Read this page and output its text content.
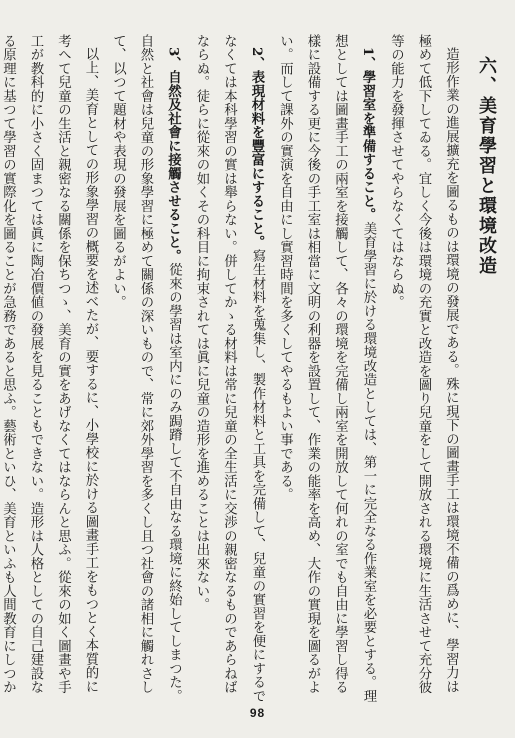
六、美育學習と環境改造

造形作業の進展擴充を圖るものは環境の發展である。殊に現下の圖畫手工は環境不備の爲めに、學習力は極めて低下してゐる。宜しく今後は環境の充實と改造を圖り兒童をして開放される環境に生活させて充分彼等の能力を發揮させてやらなくてはならぬ。

1、學習室を準備すること。美育學習に於ける環境改造としては、第一に完全なる作業室を必要とする。理想としては圖畫手工の兩室を接觸して、各々の環境を完備し兩室を開放して何れの室でも自由に學習し得る樣に設備する更に今後の手工室は相當に文明の利器を設置して、作業の能率を高め、大作の實現を圖るがよい。而して課外の實演を自由にし實習時間を多くしてやるもよい事である。

2、表現材料を豐富にすること。寫生材料を蒐集し、製作材料と工具を完備して、兒童の實習を便にするでなくては本科學習の實は舉らない。併してかゝる材料は常に兒童の全生活に交渉の親密なるものであらねばならぬ。徒らに從來の如くその科目に拘束されては眞に兒童の造形を進めることは出來ない。

3、自然及社會に接觸させること。從來の學習は室内にのみ跼蹐して不自由なる環境に終始してしまつた。自然と社會は兒童の形象學習に極めて關係の深いもので、常に郊外學習を多くし且つ社會の諸相に觸れさして、以つて題材や表現の發展を圖るがよい。

以上、美育としての形象學習の概要を述べたが、要するに、小學校に於ける圖畫手工をもつとく本質的に考へて兒童の生活と親密なる關係を保ちつゝ、美育の實をあげなくてはならんと思ふ。從來の如く圖畫や手工が教科的に小さく固まつては眞に陶冶價値の發展を見ることもできない。造形は人格としての自己建設なる原理に基つて學習の實際化を圖ることが急務であると思ふ。藝術といひ、美育といふも人間教育にしつか

98
